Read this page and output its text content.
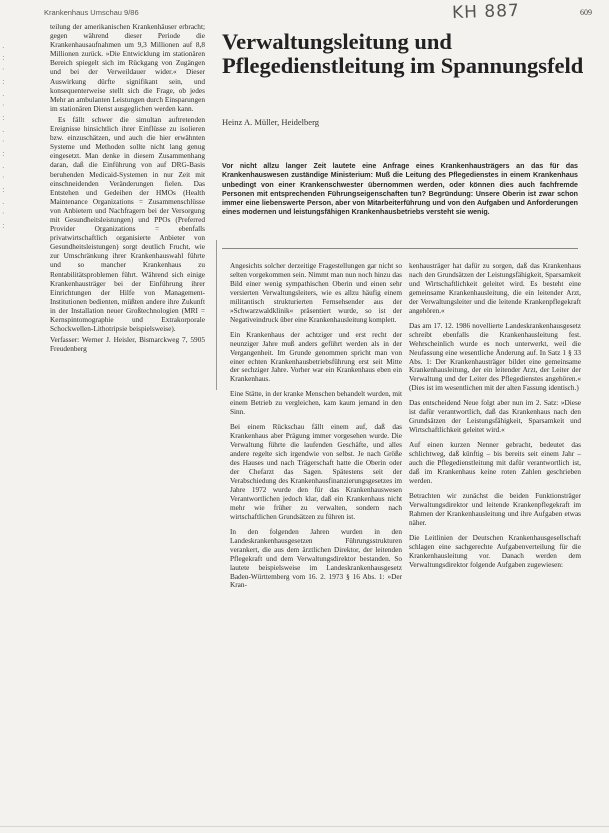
Krankenhaus Umschau 9/86	KH 887	609
.
:
·
:
.
·
:
.
·
:
.
·
:
.
·
:

teilung der amerikanischen Krankenhäuser erbracht; gegen während dieser Periode die Krankenhausaufnahmen um 9,3 Millionen auf 8,8 Millionen zurück. »Die Entwicklung im stationären Bereich spiegelt sich im Rückgang von Zugängen und bei der Verweildauer wider.« Dieser Auswirkung dürfte signifikant sein, und konsequenterweise stellt sich die Frage, ob jedes Mehr an ambulanten Leistungen durch Einsparungen im stationären Dienst ausgeglichen werden kann.

Es fällt schwer die simultan auftretenden Ereignisse hinsichtlich ihrer Einflüsse zu isolieren bzw. einzuschätzen, und auch die hier erwähnten Systeme und Methoden sollte nicht lang genug eingesetzt. Man denke in diesem Zusammenhang daran, daß die Einführung von auf DRG-Basis beruhenden Medicaid-Systemen in nur Zeit mit einschneidenden Veränderungen fielen. Das Entstehen und Gedeihen der HMOs (Health Maintenance Organizations = Zusammenschlüsse von Anbietern und Nachfragern bei der Versorgung mit Gesundheitsleistungen) und PPOs (Preferred Provider Organizations = ebenfalls privatwirtschaftlich organisierte Anbieter von Gesundheitsleistungen) sorgt deutlich Frucht, wie zur Umschränkung ihrer Krankenhauswahl führte und so mancher Krankenhaus zu Rentabilitätsproblemen führt. Während sich einige Krankenhausträger bei der Einführung ihrer Einrichtungen der Hilfe von Management-Institutionen bedienten, müßten andere ihre Zukunft in der Installation neuer Großtechnologien (MRI = Kernspintomographie und Extrakorporale Schockwellen-Lithotripsie beispielsweise).

Verfasser: Werner J. Heisler, Bismarckweg 7, 5905 Freudenberg

Verwaltungsleitung und Pflegedienstleitung im Spannungsfeld
Heinz A. Müller, Heidelberg

Vor nicht allzu langer Zeit lautete eine Anfrage eines Krankenhausträgers an das für das Krankenhauswesen zuständige Ministerium: Muß die Leitung des Pflegedienstes in einem Krankenhaus unbedingt von einer Krankenschwester übernommen werden, oder können dies auch fachfremde Personen mit entsprechenden Führungseigenschaften tun? Begründung: Unsere Oberin ist zwar schon immer eine liebenswerte Person, aber von Mitarbeiterführung und von den Aufgaben und Anforderungen eines modernen und leistungsfähigen Krankenhausbetriebs versteht sie wenig.

Angesichts solcher derzeitige Fragestellungen gar nicht so selten vorgekommen sein. Nimmt man nun noch hinzu das Bild einer wenig sympathischen Oberin und einen sehr versierten Verwaltungsleiters, wie es allzu häufig einem militantisch strukturierten Fernsehsender aus der »Schwarzwaldklinik« präsentiert wurde, so ist der Negativeindruck über eine Krankenhausleitung komplett.

Ein Krankenhaus der achtziger und erst recht der neunziger Jahre muß anders geführt werden als in der Vergangenheit. Im Grunde genommen spricht man von einer echten Krankenhausbetriebsführung erst seit Mitte der sechziger Jahre. Vorher war ein Krankenhaus eben ein Krankenhaus.

Eine Stätte, in der kranke Menschen behandelt wurden, mit einem Betrieb zu vergleichen, kam kaum jemand in den Sinn.

Bei einem Rückschau fällt einem auf, daß das Krankenhaus aber Prägung immer vorgesehen wurde. Die Verwaltung führte die laufenden Geschäfte, und alles andere regelte sich irgendwie von selbst. Je nach Größe des Hauses und nach Trägerschaft hatte die Oberin oder der Chefarzt das Sagen. Spätestens seit der Verabschiedung des Krankenhausfinanzierungsgesetzes im Jahre 1972 wurde den für das Krankenhauswesen Verantwortlichen jedoch klar, daß ein Krankenhaus nicht mehr wie früher zu verwalten, sondern nach wirtschaftlichen Grundsätzen zu führen ist.

In den folgenden Jahren wurden in den Landeskrankenhausgesetzen Führungsstrukturen verankert, die aus dem ärztlichen Direktor, der leitenden Pflegekraft und dem Verwaltungsdirektor bestanden. So lautete beispielsweise im Landeskrankenhausgesetz Baden-Württemberg vom 16. 2. 1973 § 16 Abs. 1: »Der Kran-

kenhausträger hat dafür zu sorgen, daß das Krankenhaus nach den Grundsätzen der Leistungsfähigkeit, Sparsamkeit und Wirtschaftlichkeit geleitet wird. Es besteht eine gemeinsame Krankenhausleitung, die ein leitender Arzt, der Verwaltungsleiter und die leitende Krankenpflegekraft angehören.«

Das am 17. 12. 1986 novellierte Landeskrankenhausgesetz schreibt ebenfalls die Krankenhausleitung fest. Wehrscheinlich wurde es noch unterwerkt, weil die Neufassung eine wesentliche Änderung auf. In Satz 1 § 33 Abs. 1: Der Krankenhausträger bildet eine gemeinsame Krankenhausleitung, der ein leitender Arzt, der Leiter der Verwaltung und der Leiter des Pflegedienstes angehören.« (Dies ist im wesentlichen mit der alten Fassung identisch.)

Das entscheidend Neue folgt aber nun im 2. Satz: »Diese ist dafür verantwortlich, daß das Krankenhaus nach den Grundsätzen der Leistungsfähigkeit, Sparsamkeit und Wirtschaftlichkeit geleitet wird.«

Auf einen kurzen Nenner gebracht, bedeutet das schlichtweg, daß künftig – bis bereits seit einem Jahr – auch die Pflegedienstleitung mit dafür verantwortlich ist, daß im Krankenhaus keine roten Zahlen geschrieben werden.

Betrachten wir zunächst die beiden Funktionsträger Verwaltungsdirektor und leitende Krankenpflegekraft im Rahmen der Krankenhausleitung und ihre Aufgaben etwas näher.

Die Leitlinien der Deutschen Krankenhausgesellschaft schlagen eine sachgerechte Aufgabenverteilung für die Krankenhausleitung vor. Danach werden dem Verwaltungsdirektor folgende Aufgaben zugewiesen:
